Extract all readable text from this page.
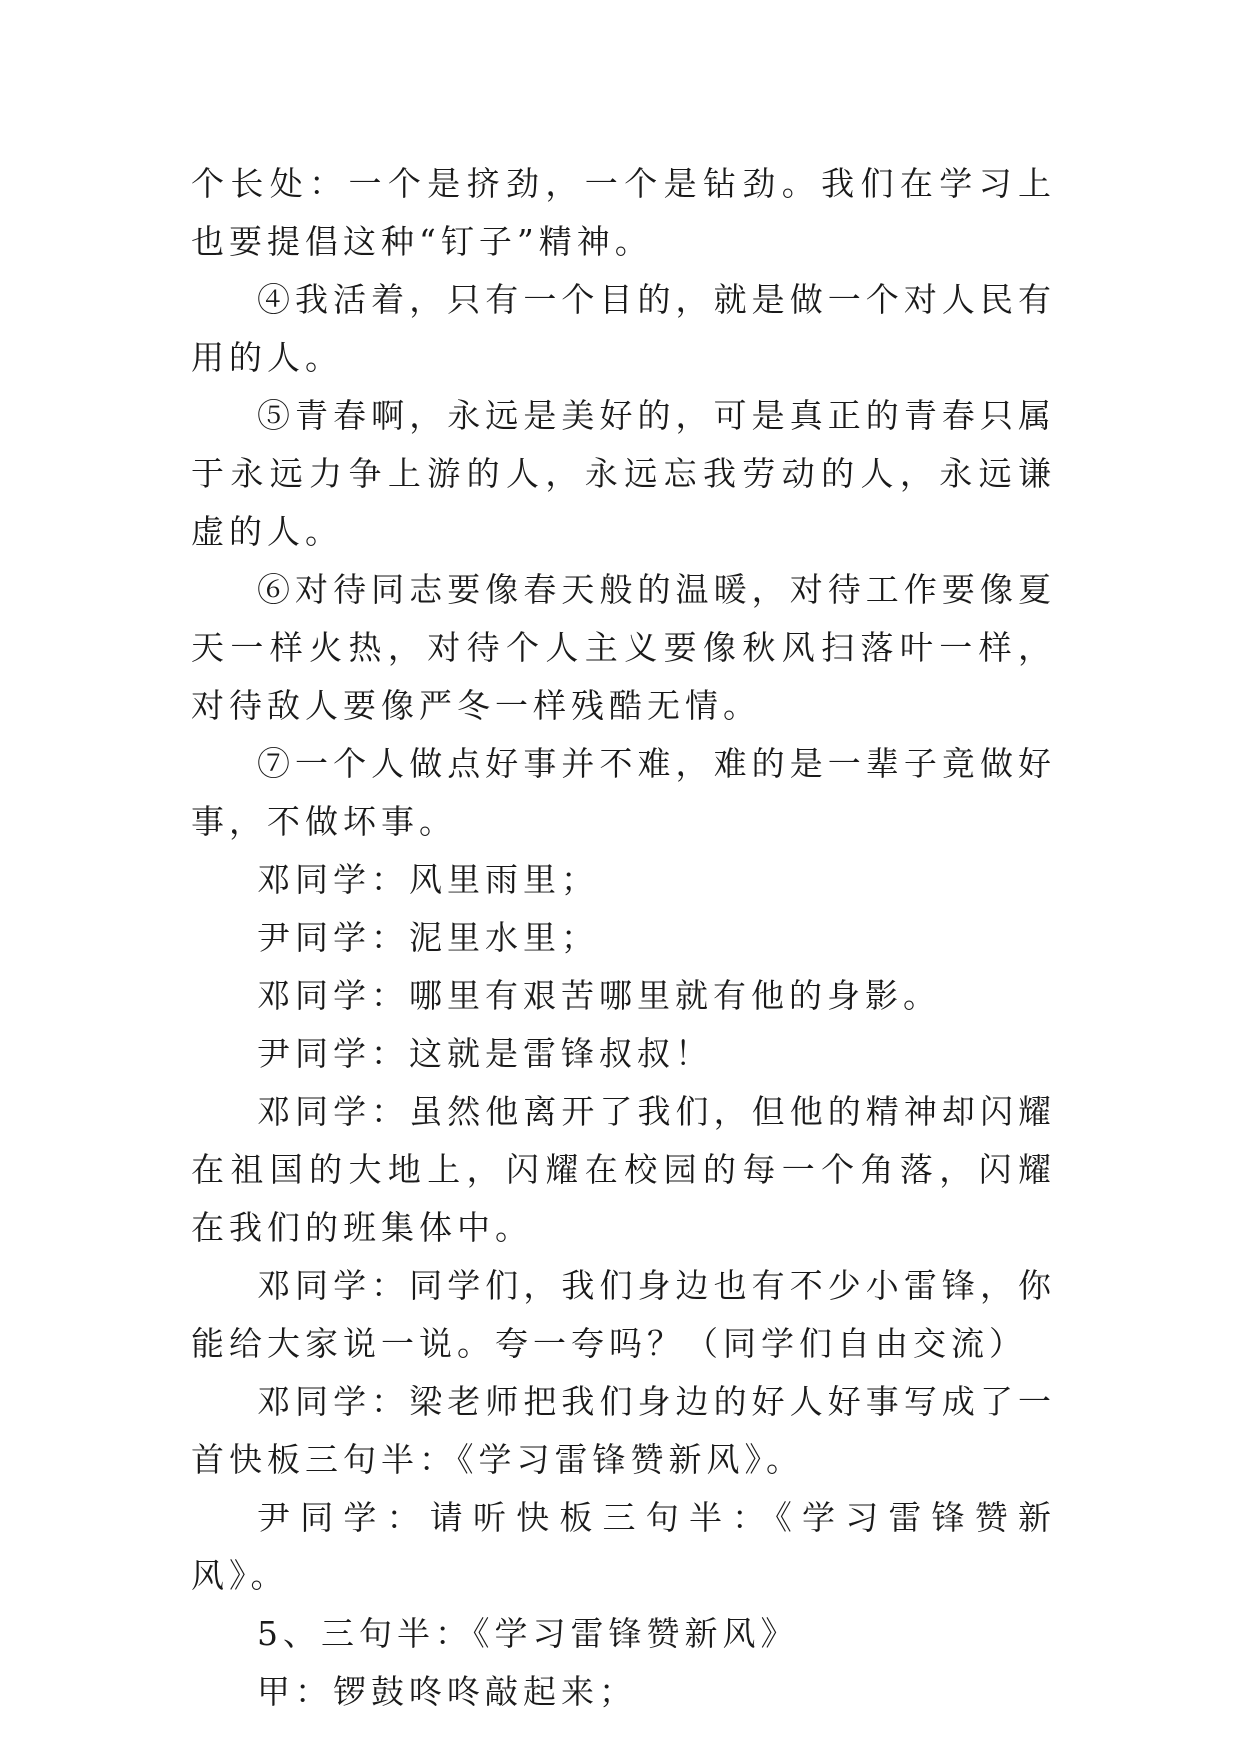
个长处：一个是挤劲，一个是钻劲。我们在学习上也要提倡这种“钉子”精神。

④我活着，只有一个目的，就是做一个对人民有用的人。

⑤青春啊，永远是美好的，可是真正的青春只属于永远力争上游的人，永远忘我劳动的人，永远谦虚的人。

⑥对待同志要像春天般的温暖，对待工作要像夏天一样火热，对待个人主义要像秋风扫落叶一样，对待敌人要像严冬一样残酷无情。

⑦一个人做点好事并不难，难的是一辈子竟做好事，不做坏事。

邓同学：风里雨里；

尹同学：泥里水里；

邓同学：哪里有艰苦哪里就有他的身影。

尹同学：这就是雷锋叔叔！

邓同学：虽然他离开了我们，但他的精神却闪耀在祖国的大地上，闪耀在校园的每一个角落，闪耀在我们的班集体中。

邓同学：同学们，我们身边也有不少小雷锋，你能给大家说一说。夸一夸吗？（同学们自由交流）

邓同学：梁老师把我们身边的好人好事写成了一首快板三句半：《学习雷锋赞新风》。

尹同学：请听快板三句半：《学习雷锋赞新风》。

5、三句半：《学习雷锋赞新风》

甲：锣鼓咚咚敲起来；
